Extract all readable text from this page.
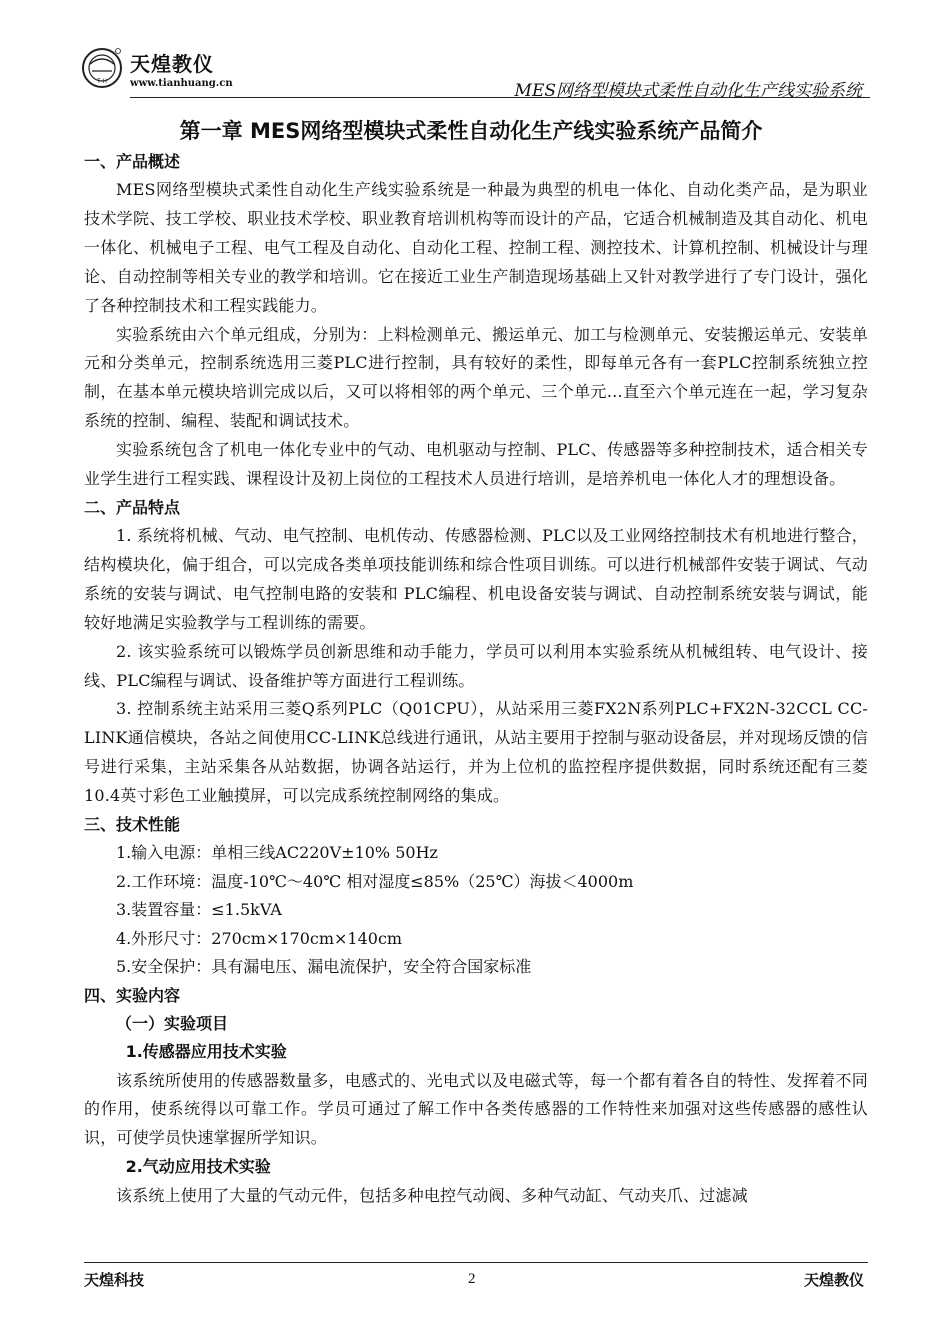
T H
天煌教仪
www.tianhuang.cn	MES网络型模块式柔性自动化生产线实验系统
第一章 MES网络型模块式柔性自动化生产线实验系统产品简介
一、产品概述
MES网络型模块式柔性自动化生产线实验系统是一种最为典型的机电一体化、自动化类产品，是为职业技术学院、技工学校、职业技术学校、职业教育培训机构等而设计的产品，它适合机械制造及其自动化、机电一体化、机械电子工程、电气工程及自动化、自动化工程、控制工程、测控技术、计算机控制、机械设计与理论、自动控制等相关专业的教学和培训。它在接近工业生产制造现场基础上又针对教学进行了专门设计，强化了各种控制技术和工程实践能力。
实验系统由六个单元组成，分别为：上料检测单元、搬运单元、加工与检测单元、安装搬运单元、安装单元和分类单元，控制系统选用三菱PLC进行控制，具有较好的柔性，即每单元各有一套PLC控制系统独立控制，在基本单元模块培训完成以后，又可以将相邻的两个单元、三个单元…直至六个单元连在一起，学习复杂系统的控制、编程、装配和调试技术。
实验系统包含了机电一体化专业中的气动、电机驱动与控制、PLC、传感器等多种控制技术，适合相关专业学生进行工程实践、课程设计及初上岗位的工程技术人员进行培训，是培养机电一体化人才的理想设备。
二、产品特点
1. 系统将机械、气动、电气控制、电机传动、传感器检测、PLC以及工业网络控制技术有机地进行整合，结构模块化，偏于组合，可以完成各类单项技能训练和综合性项目训练。可以进行机械部件安装于调试、气动系统的安装与调试、电气控制电路的安装和 PLC编程、机电设备安装与调试、自动控制系统安装与调试，能较好地满足实验教学与工程训练的需要。
2. 该实验系统可以锻炼学员创新思维和动手能力，学员可以利用本实验系统从机械组转、电气设计、接线、PLC编程与调试、设备维护等方面进行工程训练。
3. 控制系统主站采用三菱Q系列PLC（Q01CPU），从站采用三菱FX2N系列PLC+FX2N-32CCL CC-LINK通信模块，各站之间使用CC-LINK总线进行通讯，从站主要用于控制与驱动设备层，并对现场反馈的信号进行采集，主站采集各从站数据，协调各站运行，并为上位机的监控程序提供数据，同时系统还配有三菱 10.4英寸彩色工业触摸屏，可以完成系统控制网络的集成。
三、技术性能
1.输入电源：单相三线AC220V±10% 50Hz
2.工作环境：温度-10℃～40℃ 相对湿度≤85%（25℃）海拔＜4000m
3.装置容量：≤1.5kVA
4.外形尺寸：270cm×170cm×140cm
5.安全保护：具有漏电压、漏电流保护，安全符合国家标准
四、实验内容
（一）实验项目
1.传感器应用技术实验
该系统所使用的传感器数量多，电感式的、光电式以及电磁式等，每一个都有着各自的特性、发挥着不同的作用，使系统得以可靠工作。学员可通过了解工作中各类传感器的工作特性来加强对这些传感器的感性认识，可使学员快速掌握所学知识。
2.气动应用技术实验
该系统上使用了大量的气动元件，包括多种电控气动阀、多种气动缸、气动夹爪、过滤减
天煌科技	2	天煌教仪
